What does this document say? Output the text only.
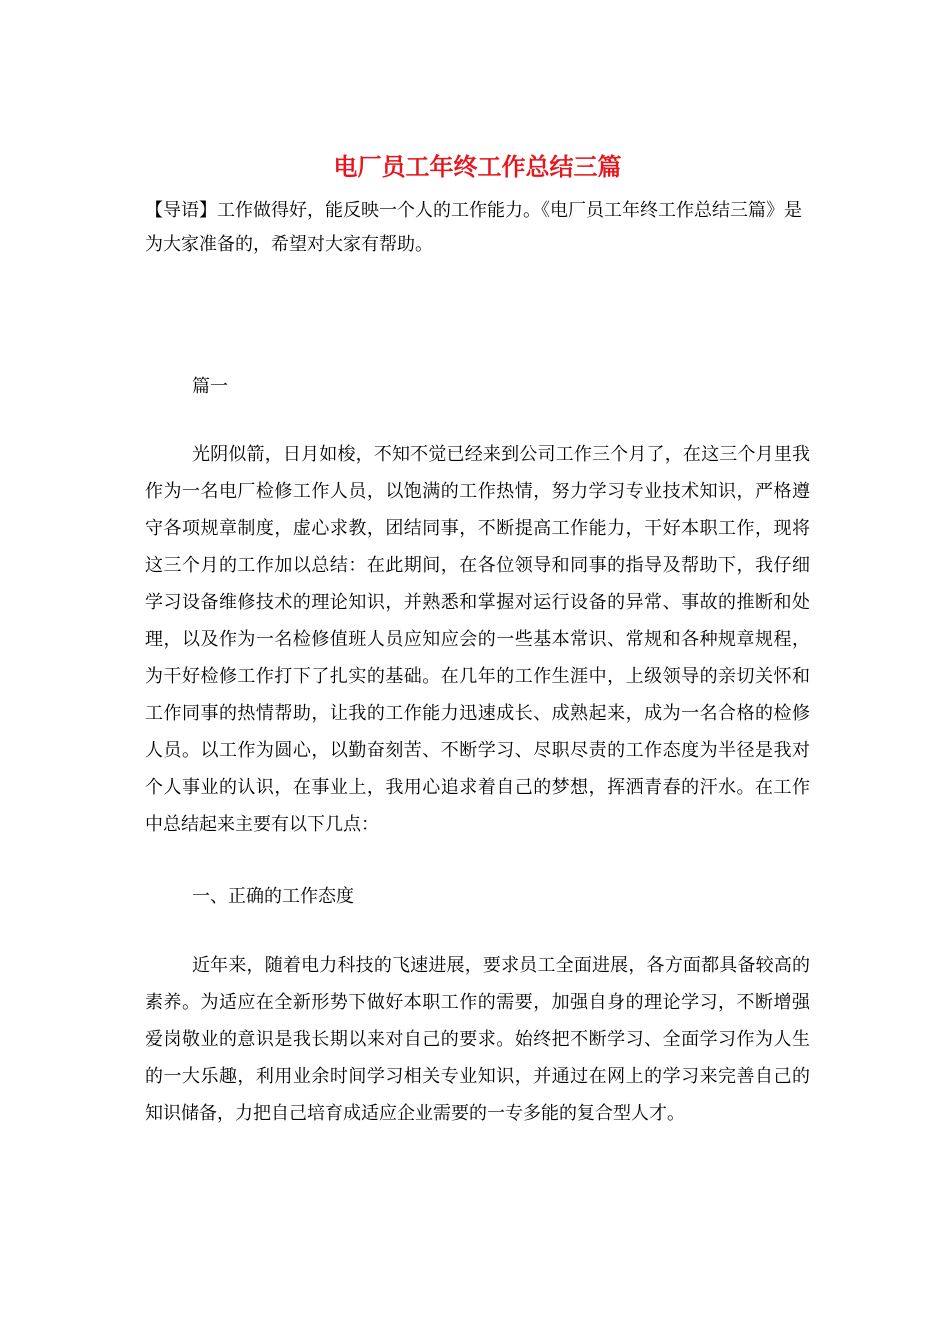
电厂员工年终工作总结三篇

【导语】工作做得好，能反映一个人的工作能力。《电厂员工年终工作总结三篇》是为大家准备的，希望对大家有帮助。

篇一

光阴似箭，日月如梭，不知不觉已经来到公司工作三个月了，在这三个月里我作为一名电厂检修工作人员，以饱满的工作热情，努力学习专业技术知识，严格遵守各项规章制度，虚心求教，团结同事，不断提高工作能力，干好本职工作，现将这三个月的工作加以总结：在此期间，在各位领导和同事的指导及帮助下，我仔细学习设备维修技术的理论知识，并熟悉和掌握对运行设备的异常、事故的推断和处理，以及作为一名检修值班人员应知应会的一些基本常识、常规和各种规章规程，为干好检修工作打下了扎实的基础。在几年的工作生涯中，上级领导的亲切关怀和工作同事的热情帮助，让我的工作能力迅速成长、成熟起来，成为一名合格的检修人员。以工作为圆心，以勤奋刻苦、不断学习、尽职尽责的工作态度为半径是我对个人事业的认识，在事业上，我用心追求着自己的梦想，挥洒青春的汗水。在工作中总结起来主要有以下几点：

一、正确的工作态度

近年来，随着电力科技的飞速进展，要求员工全面进展，各方面都具备较高的素养。为适应在全新形势下做好本职工作的需要，加强自身的理论学习，不断增强爱岗敬业的意识是我长期以来对自己的要求。始终把不断学习、全面学习作为人生的一大乐趣，利用业余时间学习相关专业知识，并通过在网上的学习来完善自己的知识储备，力把自己培育成适应企业需要的一专多能的复合型人才。
